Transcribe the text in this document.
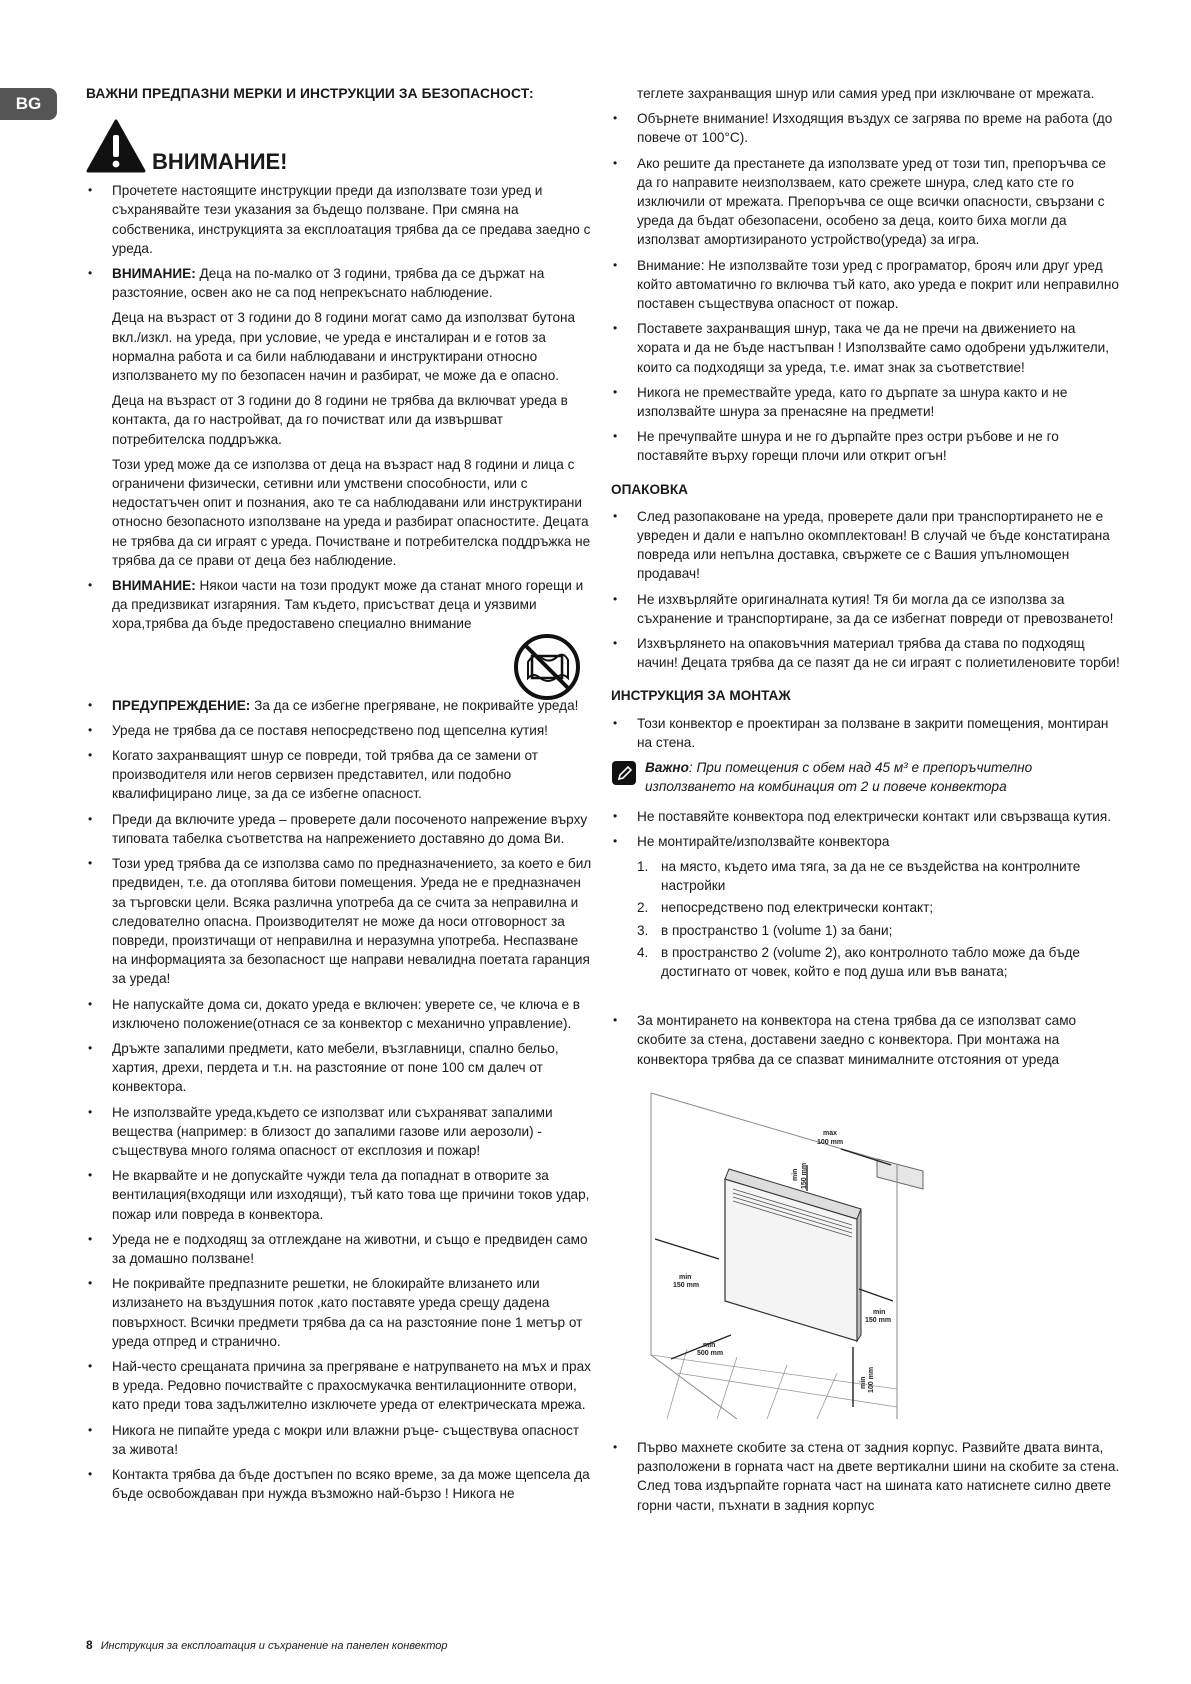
BG
ВАЖНИ ПРЕДПАЗНИ МЕРКИ И ИНСТРУКЦИИ ЗА БЕЗОПАСНОСТ:
ВНИМАНИЕ!
• Прочетете настоящите инструкции преди да използвате този уред и съхранявайте тези указания за бъдещо ползване. При смяна на собственика, инструкцията за експлоатация трябва да се предава заедно с уреда.
• ВНИМАНИЕ: Деца на по-малко от 3 години, трябва да се държат на разстояние, освен ако не са под непрекъснато наблюдение.

Деца на възраст от 3 години до 8 години могат само да използват бутона вкл./изкл. на уреда, при условие, че уреда е инсталиран и е готов за нормална работа и са били наблюдавани и инструктирани относно използването му по безопасен начин и разбират, че може да е опасно.

Деца на възраст от 3 години до 8 години не трябва да включват уреда в контакта, да го настройват, да го почистват или да извършват потребителска поддръжка.

Този уред може да се използва от деца на възраст над 8 години и лица с ограничени физически, сетивни или умствени способности, или с недостатъчен опит и познания, ако те са наблюдавани или инструктирани относно безопасното използване на уреда и разбират опасностите. Децата не трябва да си играят с уреда. Почистване и потребителска поддръжка не трябва да се прави от деца без наблюдение.

• ВНИМАНИЕ: Някои части на този продукт може да станат много горещи и да предизвикат изгаряния. Там където, присъстват деца и уязвими хора,трябва да бъде предоставено специално внимание
• ПРЕДУПРЕЖДЕНИЕ: За да се избегне прегряване, не покривайте уреда!
• Уреда не трябва да се поставя непосредствено под щепселна кутия!
• Когато захранващият шнур се повреди, той трябва да се замени от производителя или негов сервизен представител, или подобно квалифицирано лице, за да се избегне опасност.
• Преди да включите уреда – проверете дали посоченото напрежение върху типовата табелка съответства на напрежението доставяно до дома Ви.
• Този уред трябва да се използва само по предназначението, за което е бил предвиден, т.е. да отоплява битови помещения. Уреда не е предназначен за търговски цели. Всяка различна употреба да се счита за неправилна и следователно опасна. Производителят не може да носи отговорност за повреди, произтичащи от неправилна и неразумна употреба. Неспазване на информацията за безопасност ще направи невалидна поетата гаранция за уреда!
• Не напускайте дома си, докато уреда е включен: уверете се, че ключа е в изключено положение(отнася се за конвектор с механично управление).
• Дръжте запалими предмети, като мебели, възглавници, спално бельо, хартия, дрехи, пердета и т.н. на разстояние от поне 100 см далеч от конвектора.
• Не използвайте уреда,където се използват или съхраняват запалими вещества (например: в близост до запалими газове или аерозоли) - съществува много голяма опасност от експлозия и пожар!
• Не вкарвайте и не допускайте чужди тела да попаднат в отворите за вентилация(входящи или изходящи), тъй като това ще причини токов удар, пожар или повреда в конвектора.
• Уреда не е подходящ за отглеждане на животни, и също е предвиден само за домашно ползване!
• Не покривайте предпазните решетки, не блокирайте влизането или излизането на въздушния поток ,като поставяте уреда срещу дадена повърхност. Всички предмети трябва да са на разстояние поне 1 метър от уреда отпред и странично.
• Най-често срещаната причина за прегряване е натрупването на мъх и прах в уреда. Редовно почиствайте с прахосмукачка вентилационните отвори, като преди това задължително изключете уреда от електрическата мрежа.
• Никога не пипайте уреда с мокри или влажни ръце- съществува опасност за живота!
• Контакта трябва да бъде достъпен по всяко време, за да може щепсела да бъде освобождаван при нужда възможно най-бързо ! Никога не
теглете захранващия шнур или самия уред при изключване от мрежата.
• Обърнете внимание! Изходящия въздух се загрява по време на работа (до повече от 100°C).
• Ако решите да престанете да използвате уред от този тип, препоръчва се да го направите неизползваем, като срежете шнура, след като сте го изключили от мрежата. Препоръчва се още всички опасности, свързани с уреда да бъдат обезопасени, особено за деца, които биха могли да използват амортизираното устройство(уреда) за игра.
• Внимание: Не използвайте този уред с програматор, брояч или друг уред който автоматично го включва тъй като, ако уреда е покрит или неправилно поставен съществува опасност от пожар.
• Поставете захранващия шнур, така че да не пречи на движението на хората и да не бъде настъпван ! Използвайте само одобрени удължители, които са подходящи за уреда, т.е. имат знак за съответствие!
• Никога не премествайте уреда, като го дърпате за шнура както и не използвайте шнура за пренасяне на предмети!
• Не пречупвайте шнура и не го дърпайте през остри ръбове и не го поставяйте върху горещи плочи или открит огън!
ОПАКОВКА
• След разопаковане на уреда, проверете дали при транспортирането не е увреден и дали е напълно окомплектован! В случай че бъде констатирана повреда или непълна доставка, свържете се с Вашия упълномощен продавач!
• Не изхвърляйте оригиналната кутия! Тя би могла да се използва за съхранение и транспортиране, за да се избегнат повреди от превозването!
• Изхвърлянето на опаковъчния материал трябва да става по подходящ начин! Децата трябва да се пазят да не си играят с полиетиленовите торби!
ИНСТРУКЦИЯ ЗА МОНТАЖ
• Този конвектор е проектиран за ползване в закрити помещения, монтиран на стена.
Важно: При помещения с обем над 45 м³ е препоръчително използването на комбинация от 2 и повече конвектора
• Не поставяйте конвектора под електрически контакт или свързваща кутия.
• Не монтирайте/използвайте конвектора
1. на място, където има тяга, за да не се въздейства на контролните настройки
2. непосредствено под електрически контакт;
3. в пространство 1 (volume 1) за бани;
4. в пространство 2 (volume 2), ако контролното табло може да бъде достигнато от човек, който е под душа или във ваната;
• За монтирането на конвектора на стена трябва да се използват само скобите за стена, доставени заедно с конвектора. При монтажа на конвектора трябва да се спазват минималните отстояния от уреда
max
100 mm
min 150 mm
min
150 mm
min
500 mm
min
150 mm
min 100 mm
• Първо махнете скобите за стена от задния корпус. Развийте двата винта, разположени в горната част на двете вертикални шини на скобите за стена. След това издърпайте горната част на шината като натиснете силно двете горни части, пъхнати в задния корпус
8 Инструкция за експлоатация и съхранение на панелен конвектор
